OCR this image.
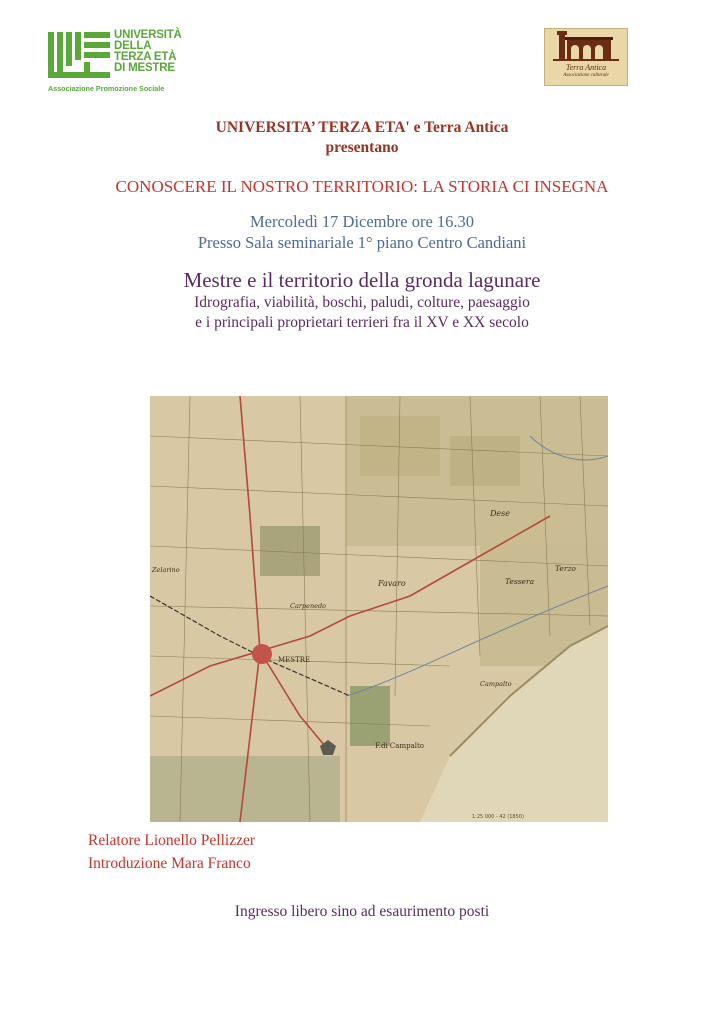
UNIVERSITÀ
DELLA
TERZA ETÀ
DI MESTRE
Associazione Promozione Sociale
Terra Antica
Associazione culturale
UNIVERSITA’ TERZA ETA' e Terra Antica
presentano
CONOSCERE IL NOSTRO TERRITORIO: LA STORIA CI INSEGNA
Mercoledì 17 Dicembre ore 16.30
Presso Sala seminariale 1° piano Centro Candiani
Mestre e il territorio della gronda lagunare
Idrografia, viabilità, boschi, paludi, colture, paesaggio
e i principali proprietari terrieri fra il XV e XX secolo
MESTRE
Favaro
Dese
Tessera
Terzo
Carpenedo
Campalto
F.di Campalto
Zelarino
1:25 000 - 42 (1850)
Relatore Lionello Pellizzer
Introduzione Mara Franco
Ingresso libero sino ad esaurimento posti
